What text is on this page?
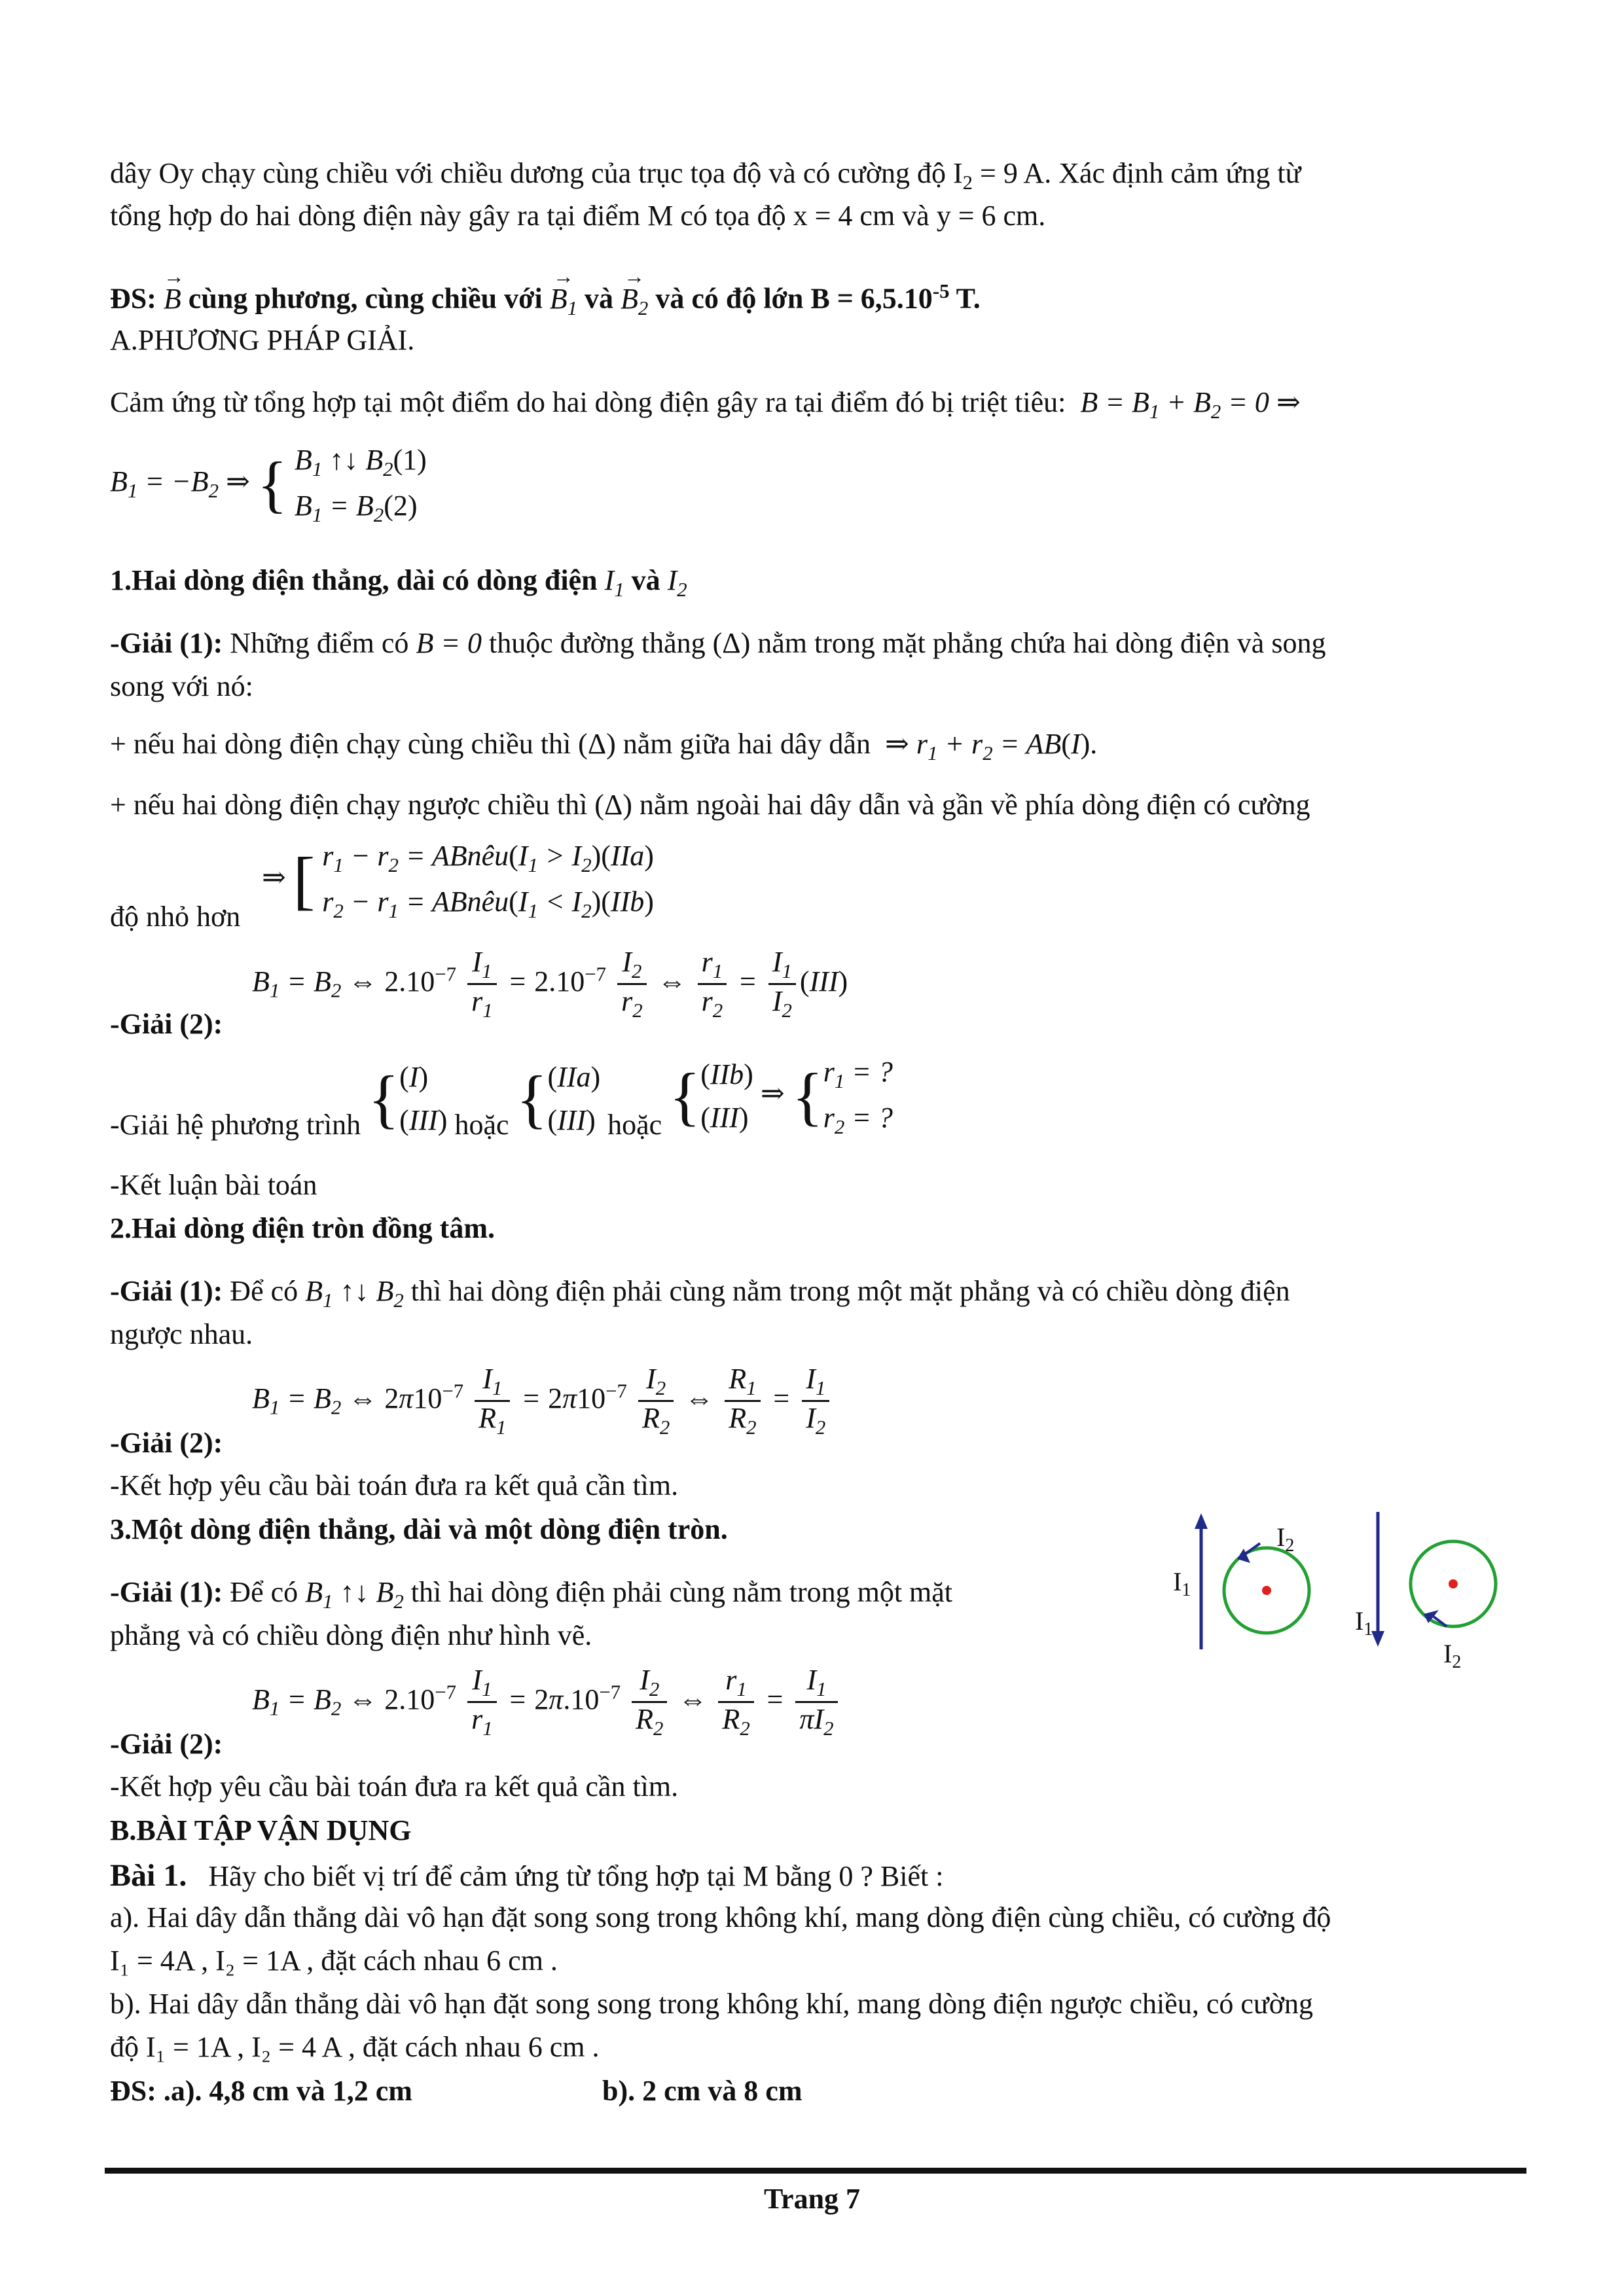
dây Oy chạy cùng chiều với chiều dương của trục tọa độ và có cường độ $I_2 = 9$ A. Xác định cảm ứng từ
tổng hợp do hai dòng điện này gây ra tại điểm M có tọa độ x = 4 cm và y = 6 cm.
ĐS: → B cùng phương, cùng chiều với → $B_1$ và → $B_2$ và có độ lớn $B = 6,5.10^{-5}$ T.
A.PHƯƠNG PHÁP GIẢI.
Cảm ứng từ tổng hợp tại một điểm do hai dòng điện gây ra tại điểm đó bị triệt tiêu:  $B = B_1 + B_2 = 0$ ⇒
$B_1 = -B_2$ ⇒ { $B_1$ ↑↓ $B_2(1)$
$B_1 = B_2(2)$
1.Hai dòng điện thẳng, dài có dòng điện $I_1$ và $I_2$
-Giải (1): Những điểm có B = 0 thuộc đường thẳng (Δ) nằm trong mặt phẳng chứa hai dòng điện và song
song với nó:
+ nếu hai dòng điện chạy cùng chiều thì (Δ) nằm giữa hai dây dẫn ⇒ $r_1 + r_2 = AB(I)$.
+ nếu hai dòng điện chạy ngược chiều thì (Δ) nằm ngoài hai dây dẫn và gần về phía dòng điện có cường
⇒ [ $r_1 - r_2$ = $ABnêu(I_1 > I_2)(IIa)$
$r_2 - r_1$ = $ABnêu(I_1 < I_2)(IIb)$
độ nhỏ hơn
$B_1 = B_2$ ⇔ $2.10^{-7} \frac{I_1}{r_1} = 2.10^{-7} \frac{I_2}{r_2}$ ⇔ $\frac{r_1}{r_2} = \frac{I_1}{I_2} (III)$
-Giải (2):
-Giải hệ phương trình {(I)
(III) hoặc {(IIa)
(III) hoặc {(IIb)
(III) ⇒ {$r_1$ = ?
$r_2$ = ?
-Kết luận bài toán
2.Hai dòng điện tròn đồng tâm.
-Giải (1): Để có $B_1$ ↑↓ $B_2$ thì hai dòng điện phải cùng nằm trong một mặt phẳng và có chiều dòng điện
ngược nhau.
$B_1 = B_2$ ⇔ $2\pi 10^{-7} \frac{I_1}{R_1} = 2\pi 10^{-7} \frac{I_2}{R_2}$ ⇔ $\frac{R_1}{R_2} = \frac{I_1}{I_2}$
-Giải (2):
-Kết hợp yêu cầu bài toán đưa ra kết quả cần tìm.
3.Một dòng điện thẳng, dài và một dòng điện tròn.
-Giải (1): Để có $B_1$ ↑↓ $B_2$ thì hai dòng điện phải cùng nằm trong một mặt
phẳng và có chiều dòng điện như hình vẽ.
$B_1 = B_2$ ⇔ $2.10^{-7} \frac{I_1}{r_1} = 2\pi.10^{-7} \frac{I_2}{R_2}$ ⇔ $\frac{r_1}{R_2} = \frac{I_1}{\pi I_2}$
-Giải (2):
-Kết hợp yêu cầu bài toán đưa ra kết quả cần tìm.
$I_1$
$I_2$
$I_1$
$I_2$
B.BÀI TẬP VẬN DỤNG
Bài 1. Hãy cho biết vị trí để cảm ứng từ tổng hợp tại M bằng 0 ? Biết :
a). Hai dây dẫn thẳng dài vô hạn đặt song song trong không khí, mang dòng điện cùng chiều, có cường độ
I₁ = 4A , I₂ = 1A , đặt cách nhau 6 cm .
b). Hai dây dẫn thẳng dài vô hạn đặt song song trong không khí, mang dòng điện ngược chiều, có cường
độ I₁ = 1A , I₂ = 4 A , đặt cách nhau 6 cm .
ĐS: .a). 4,8 cm và 1,2 cm	b). 2 cm và 8 cm
Trang 7
